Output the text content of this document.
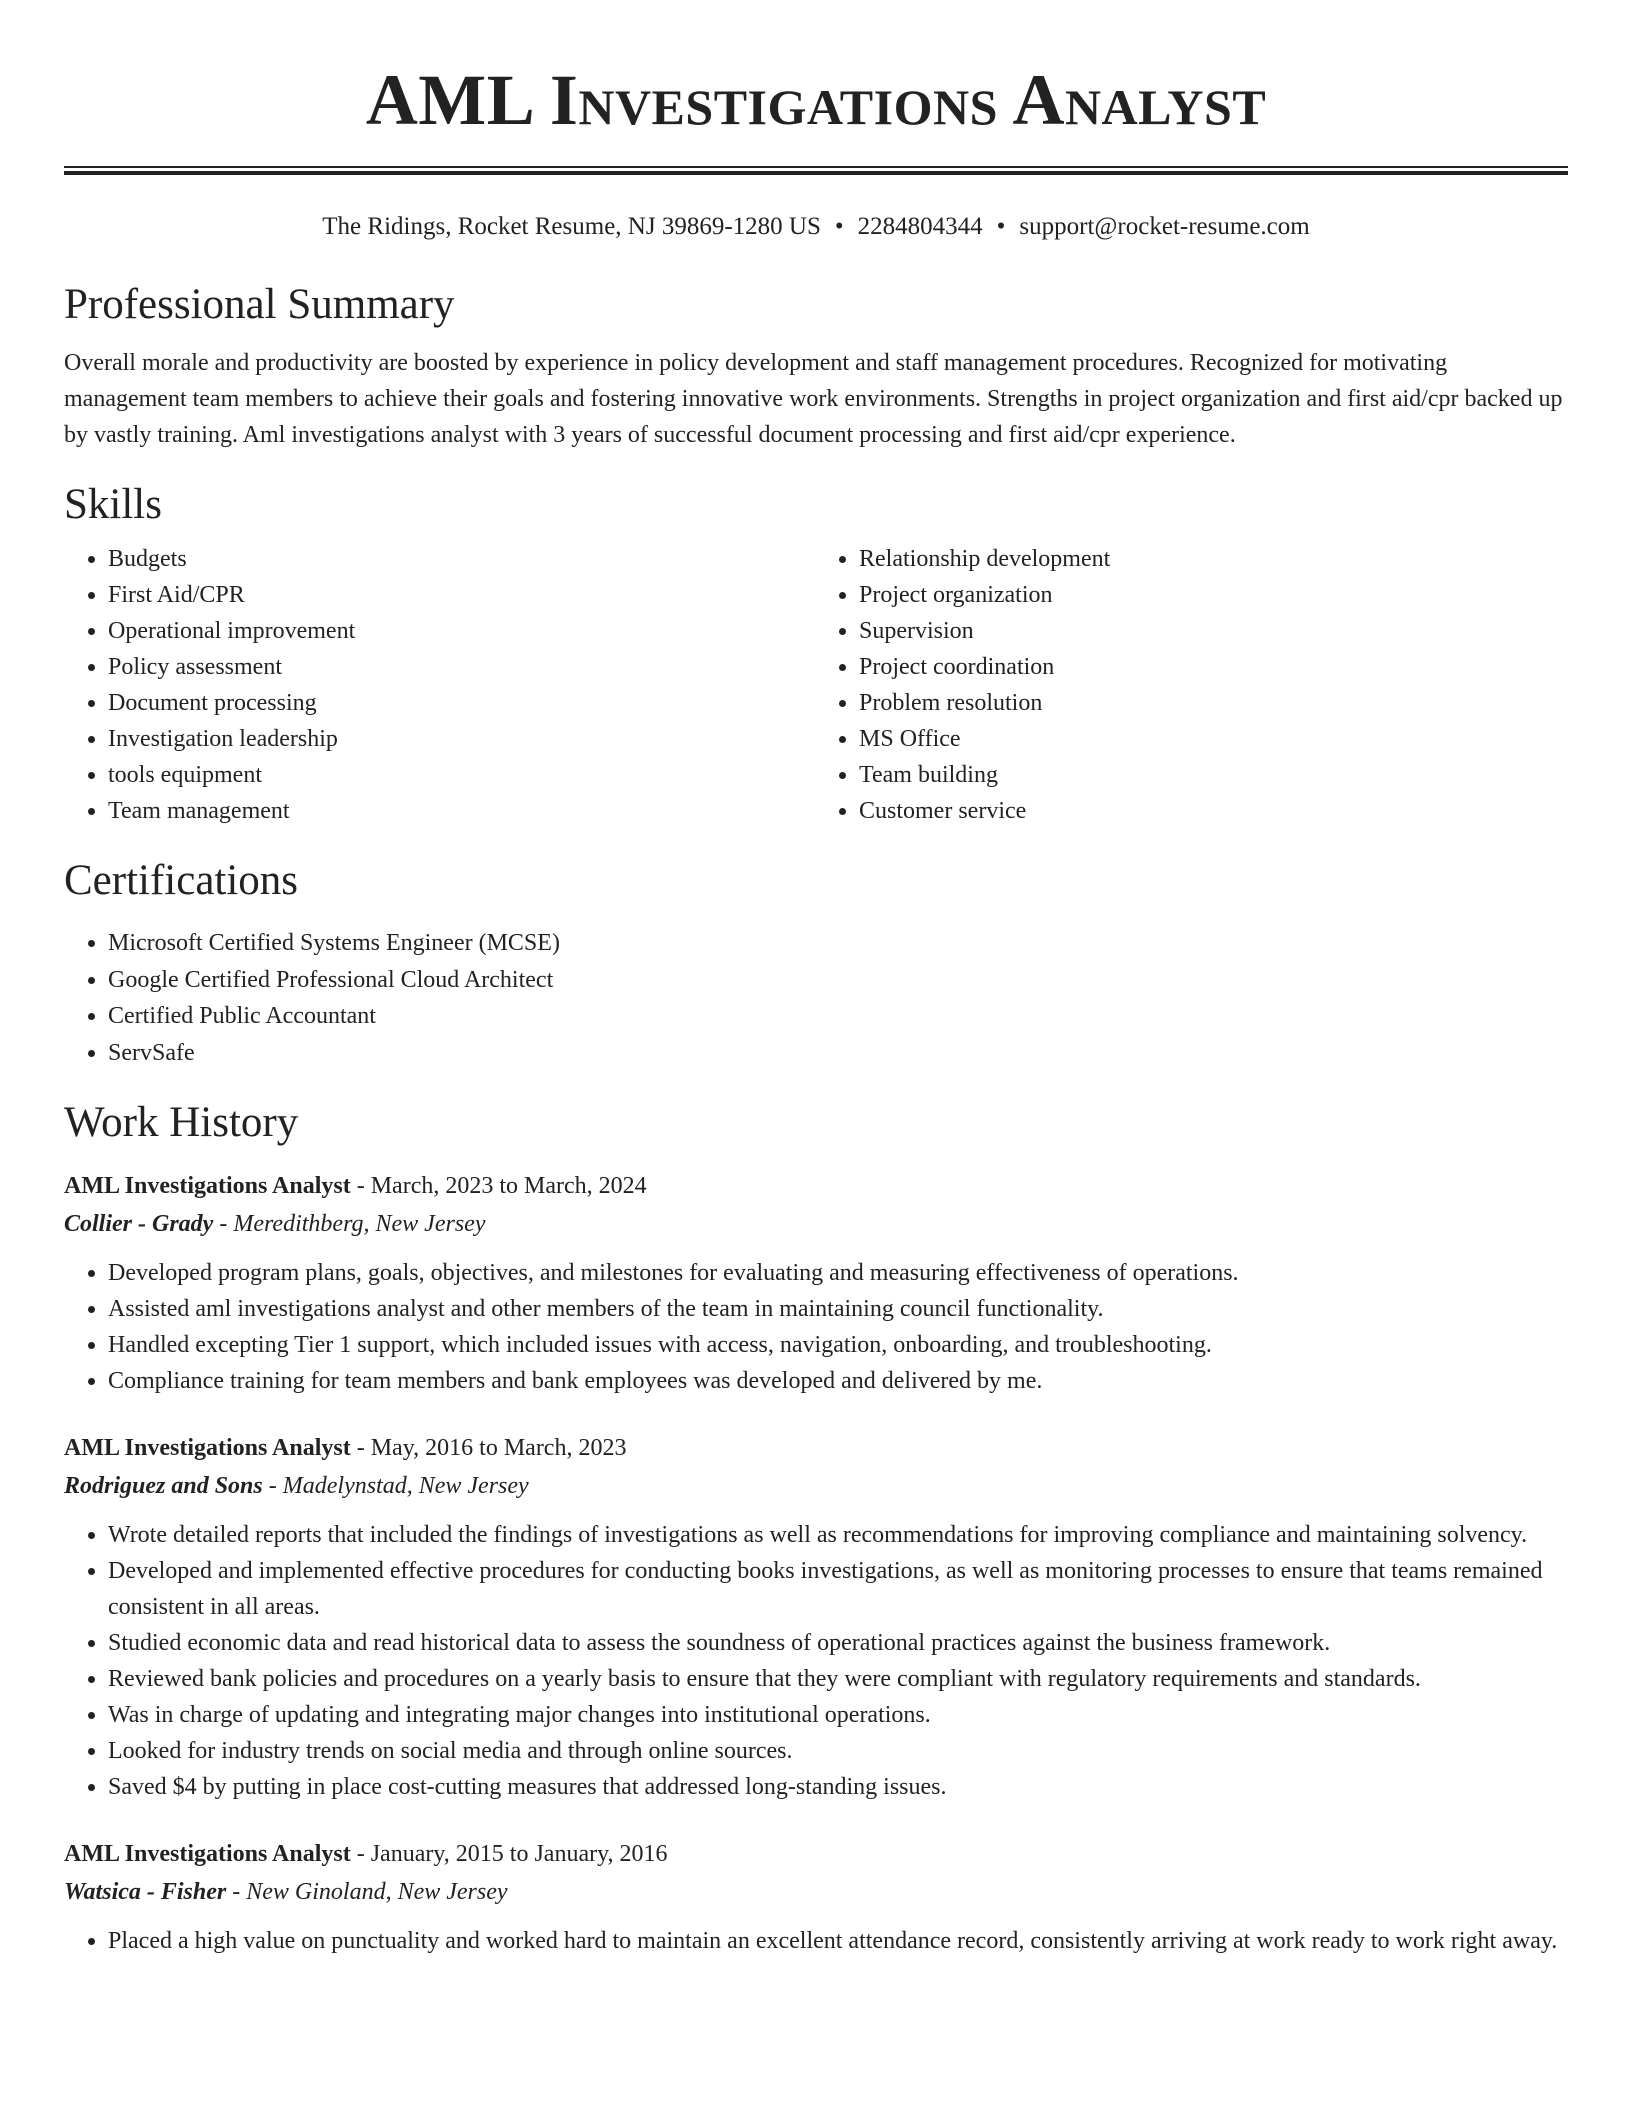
AML Investigations Analyst
The Ridings, Rocket Resume, NJ 39869-1280 US • 2284804344 • support@rocket-resume.com
Professional Summary

Overall morale and productivity are boosted by experience in policy development and staff management procedures. Recognized for motivating management team members to achieve their goals and fostering innovative work environments. Strengths in project organization and first aid/cpr backed up by vastly training. Aml investigations analyst with 3 years of successful document processing and first aid/cpr experience.

Skills
• Budgets
• First Aid/CPR
• Operational improvement
• Policy assessment
• Document processing
• Investigation leadership
• tools equipment
• Team management
• Relationship development
• Project organization
• Supervision
• Project coordination
• Problem resolution
• MS Office
• Team building
• Customer service
Certifications
• Microsoft Certified Systems Engineer (MCSE)
• Google Certified Professional Cloud Architect
• Certified Public Accountant
• ServSafe
Work History
AML Investigations Analyst - March, 2023 to March, 2024
Collier - Grady - Meredithberg, New Jersey
• Developed program plans, goals, objectives, and milestones for evaluating and measuring effectiveness of operations.
• Assisted aml investigations analyst and other members of the team in maintaining council functionality.
• Handled excepting Tier 1 support, which included issues with access, navigation, onboarding, and troubleshooting.
• Compliance training for team members and bank employees was developed and delivered by me.
AML Investigations Analyst - May, 2016 to March, 2023
Rodriguez and Sons - Madelynstad, New Jersey
• Wrote detailed reports that included the findings of investigations as well as recommendations for improving compliance and maintaining solvency.
• Developed and implemented effective procedures for conducting books investigations, as well as monitoring processes to ensure that teams remained consistent in all areas.
• Studied economic data and read historical data to assess the soundness of operational practices against the business framework.
• Reviewed bank policies and procedures on a yearly basis to ensure that they were compliant with regulatory requirements and standards.
• Was in charge of updating and integrating major changes into institutional operations.
• Looked for industry trends on social media and through online sources.
• Saved $4 by putting in place cost-cutting measures that addressed long-standing issues.
AML Investigations Analyst - January, 2015 to January, 2016
Watsica - Fisher - New Ginoland, New Jersey
• Placed a high value on punctuality and worked hard to maintain an excellent attendance record, consistently arriving at work ready to work right away.
